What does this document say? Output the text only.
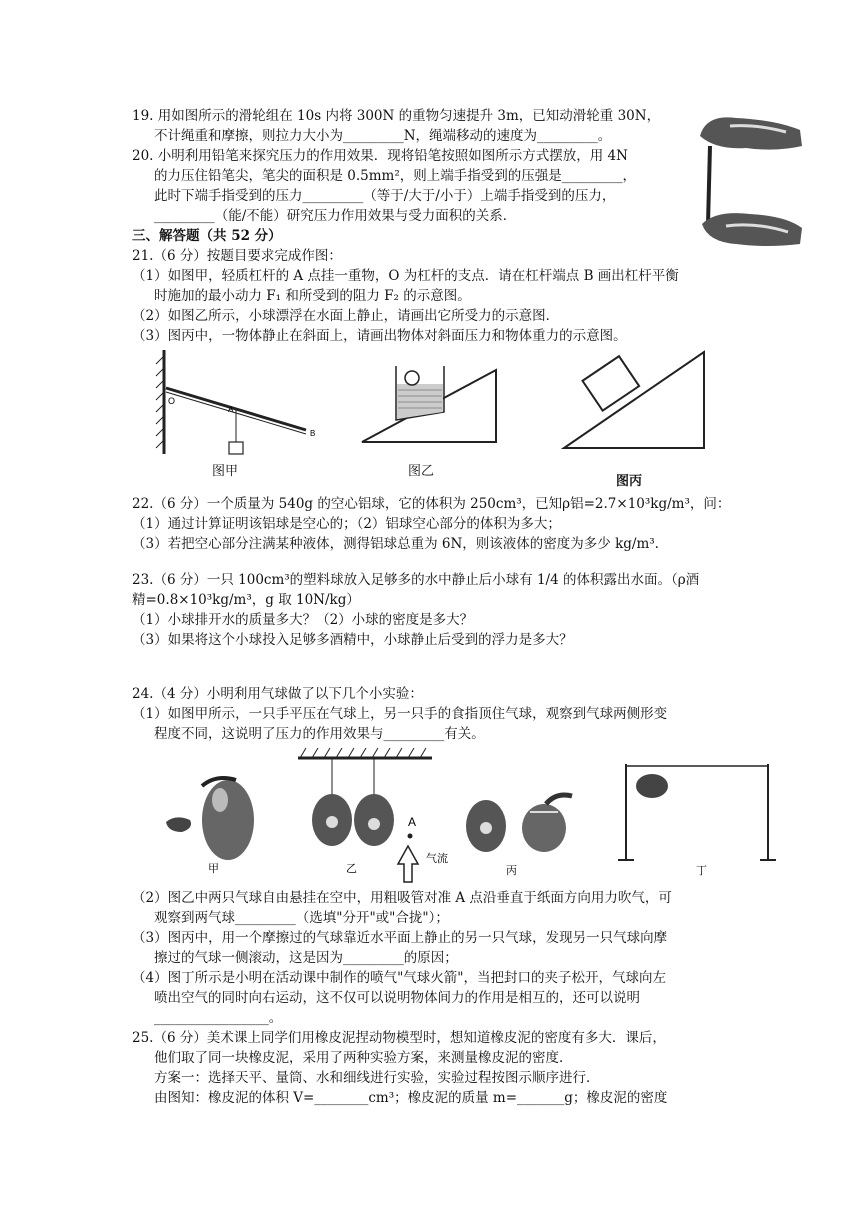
19. 用如图所示的滑轮组在 10s 内将 300N 的重物匀速提升 3m，已知动滑轮重 30N，
不计绳重和摩擦，则拉力大小为_________N，绳端移动的速度为_________。
20. 小明利用铅笔来探究压力的作用效果．现将铅笔按照如图所示方式摆放，用 4N
的力压住铅笔尖，笔尖的面积是 0.5mm²，则上端手指受到的压强是_________，
此时下端手指受到的压力_________（等于/大于/小于）上端手指受到的压力，
_________（能/不能）研究压力作用效果与受力面积的关系．
三、解答题（共 52 分）
21.（6 分）按题目要求完成作图：
（1）如图甲，轻质杠杆的 A 点挂一重物，O 为杠杆的支点．请在杠杆端点 B 画出杠杆平衡
时施加的最小动力 F₁ 和所受到的阻力 F₂ 的示意图。
（2）如图乙所示，小球漂浮在水面上静止，请画出它所受力的示意图．
（3）图丙中，一物体静止在斜面上，请画出物体对斜面压力和物体重力的示意图。
O
A
B
图甲	图乙
图丙
22.（6 分）一个质量为 540g 的空心铝球，它的体积为 250cm³，已知ρ铝=2.7×10³kg/m³，问：
（1）通过计算证明该铝球是空心的；（2）铝球空心部分的体积为多大；
（3）若把空心部分注满某种液体，测得铝球总重为 6N，则该液体的密度为多少 kg/m³.
23.（6 分）一只 100cm³的塑料球放入足够多的水中静止后小球有 1/4 的体积露出水面。（ρ酒
精=0.8×10³kg/m³，g 取 10N/kg）
（1）小球排开水的质量多大？（2）小球的密度是多大？
（3）如果将这个小球投入足够多酒精中，小球静止后受到的浮力是多大？
24.（4 分）小明利用气球做了以下几个小实验：
（1）如图甲所示，一只手平压在气球上，另一只手的食指顶住气球，观察到气球两侧形变
程度不同，这说明了压力的作用效果与_________有关。
A
气流
甲	乙	丙	丁
（2）图乙中两只气球自由悬挂在空中，用粗吸管对准 A 点沿垂直于纸面方向用力吹气，可
观察到两气球_________（选填"分开"或"合拢"）；
（3）图丙中，用一个摩擦过的气球靠近水平面上静止的另一只气球，发现另一只气球向摩
擦过的气球一侧滚动，这是因为_________的原因；
（4）图丁所示是小明在活动课中制作的喷气"气球火箭"，当把封口的夹子松开，气球向左
喷出空气的同时向右运动，这不仅可以说明物体间力的作用是相互的，还可以说明
_________________。
25.（6 分）美术课上同学们用橡皮泥捏动物模型时，想知道橡皮泥的密度有多大．课后，
他们取了同一块橡皮泥，采用了两种实验方案，来测量橡皮泥的密度．
方案一：选择天平、量筒、水和细线进行实验，实验过程按图示顺序进行．
由图知：橡皮泥的体积 V=________cm³；橡皮泥的质量 m=_______g；橡皮泥的密度
